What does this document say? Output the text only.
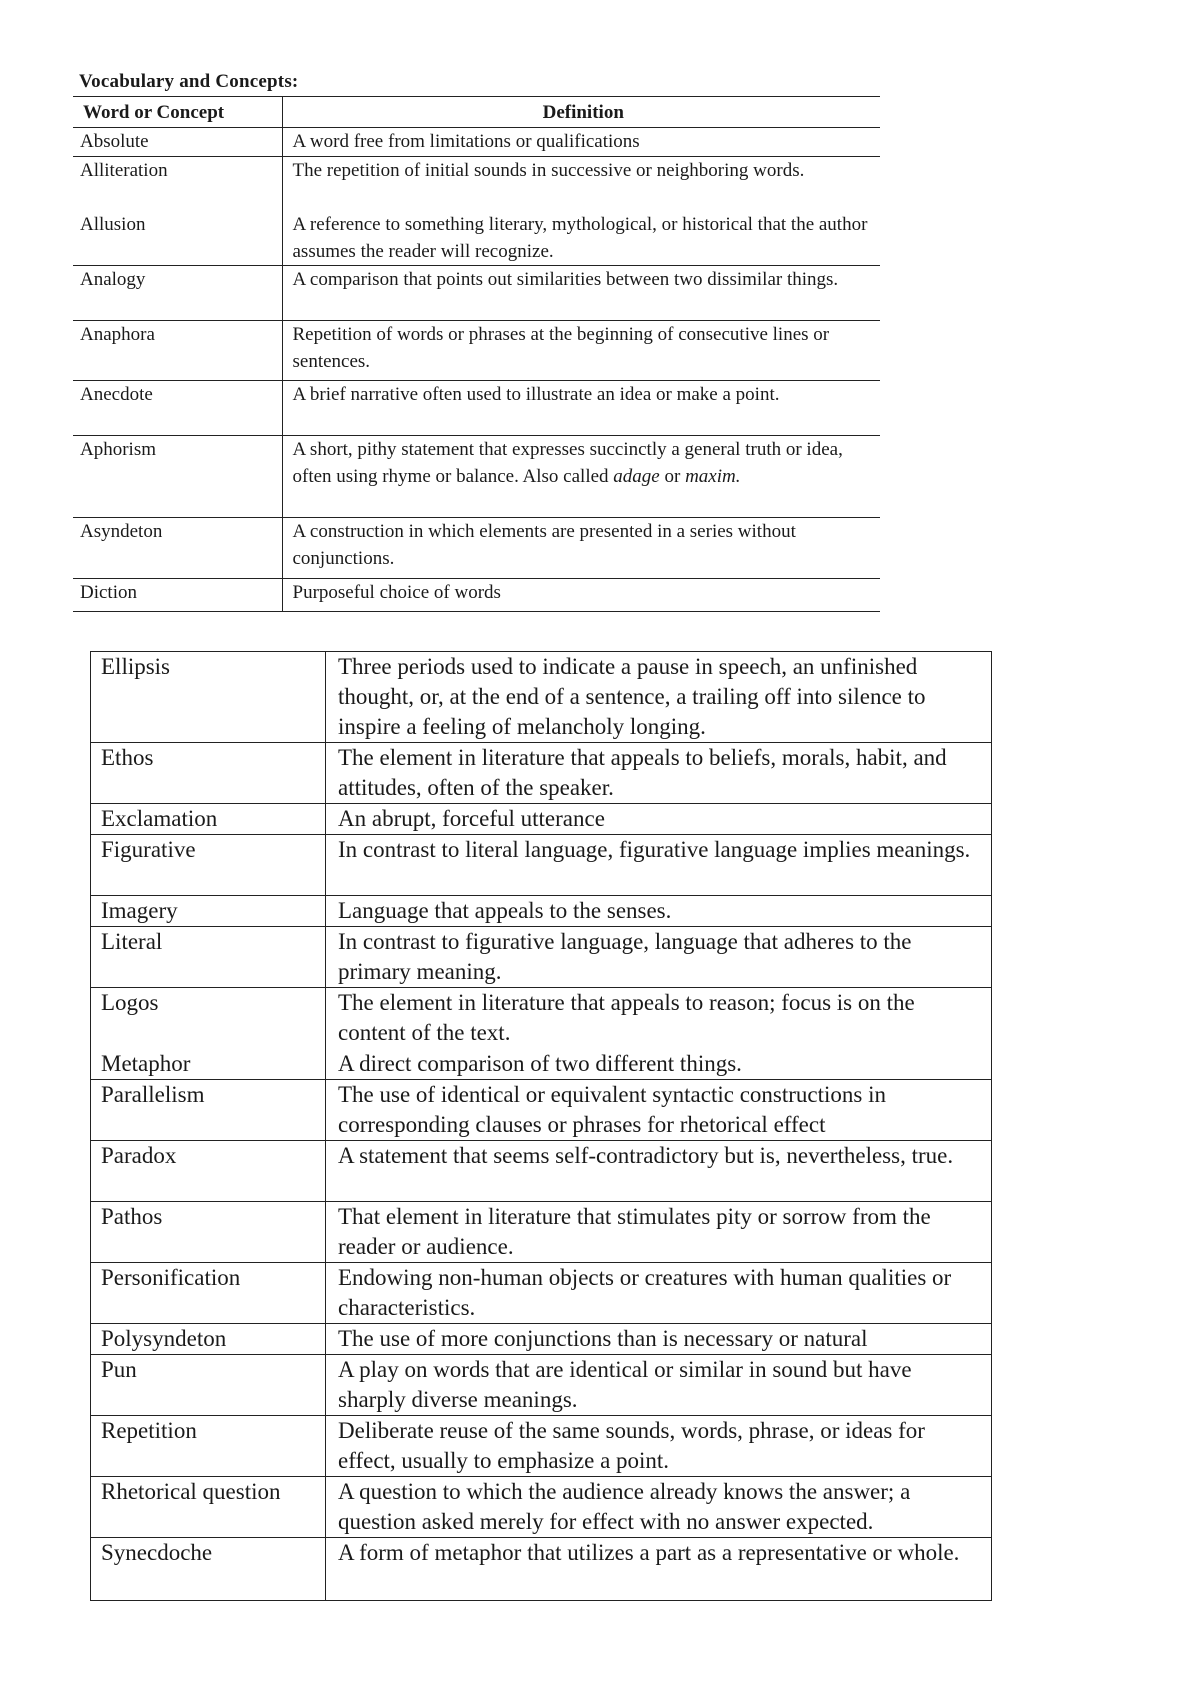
Vocabulary and Concepts:
Word or Concept	Definition
Absolute	A word free from limitations or qualifications
Alliteration	The repetition of initial sounds in successive or neighboring words.
Allusion	A reference to something literary, mythological, or historical that the author assumes the reader will recognize.
Analogy	A comparison that points out similarities between two dissimilar things.
Anaphora	Repetition of words or phrases at the beginning of consecutive lines or sentences.
Anecdote	A brief narrative often used to illustrate an idea or make a point.
Aphorism	A short, pithy statement that expresses succinctly a general truth or idea, often using rhyme or balance. Also called adage or maxim.
Asyndeton	A construction in which elements are presented in a series without conjunctions.
Diction	Purposeful choice of words
Ellipsis	Three periods used to indicate a pause in speech, an unfinished thought, or, at the end of a sentence, a trailing off into silence to inspire a feeling of melancholy longing.
Ethos	The element in literature that appeals to beliefs, morals, habit, and attitudes, often of the speaker.
Exclamation	An abrupt, forceful utterance
Figurative	In contrast to literal language, figurative language implies meanings.
Imagery	Language that appeals to the senses.
Literal	In contrast to figurative language, language that adheres to the primary meaning.
Logos	The element in literature that appeals to reason; focus is on the content of the text.
Metaphor	A direct comparison of two different things.
Parallelism	The use of identical or equivalent syntactic constructions in corresponding clauses or phrases for rhetorical effect
Paradox	A statement that seems self-contradictory but is, nevertheless, true.
Pathos	That element in literature that stimulates pity or sorrow from the reader or audience.
Personification	Endowing non-human objects or creatures with human qualities or characteristics.
Polysyndeton	The use of more conjunctions than is necessary or natural
Pun	A play on words that are identical or similar in sound but have sharply diverse meanings.
Repetition	Deliberate reuse of the same sounds, words, phrase, or ideas for effect, usually to emphasize a point.
Rhetorical question	A question to which the audience already knows the answer; a question asked merely for effect with no answer expected.
Synecdoche	A form of metaphor that utilizes a part as a representative or whole.
